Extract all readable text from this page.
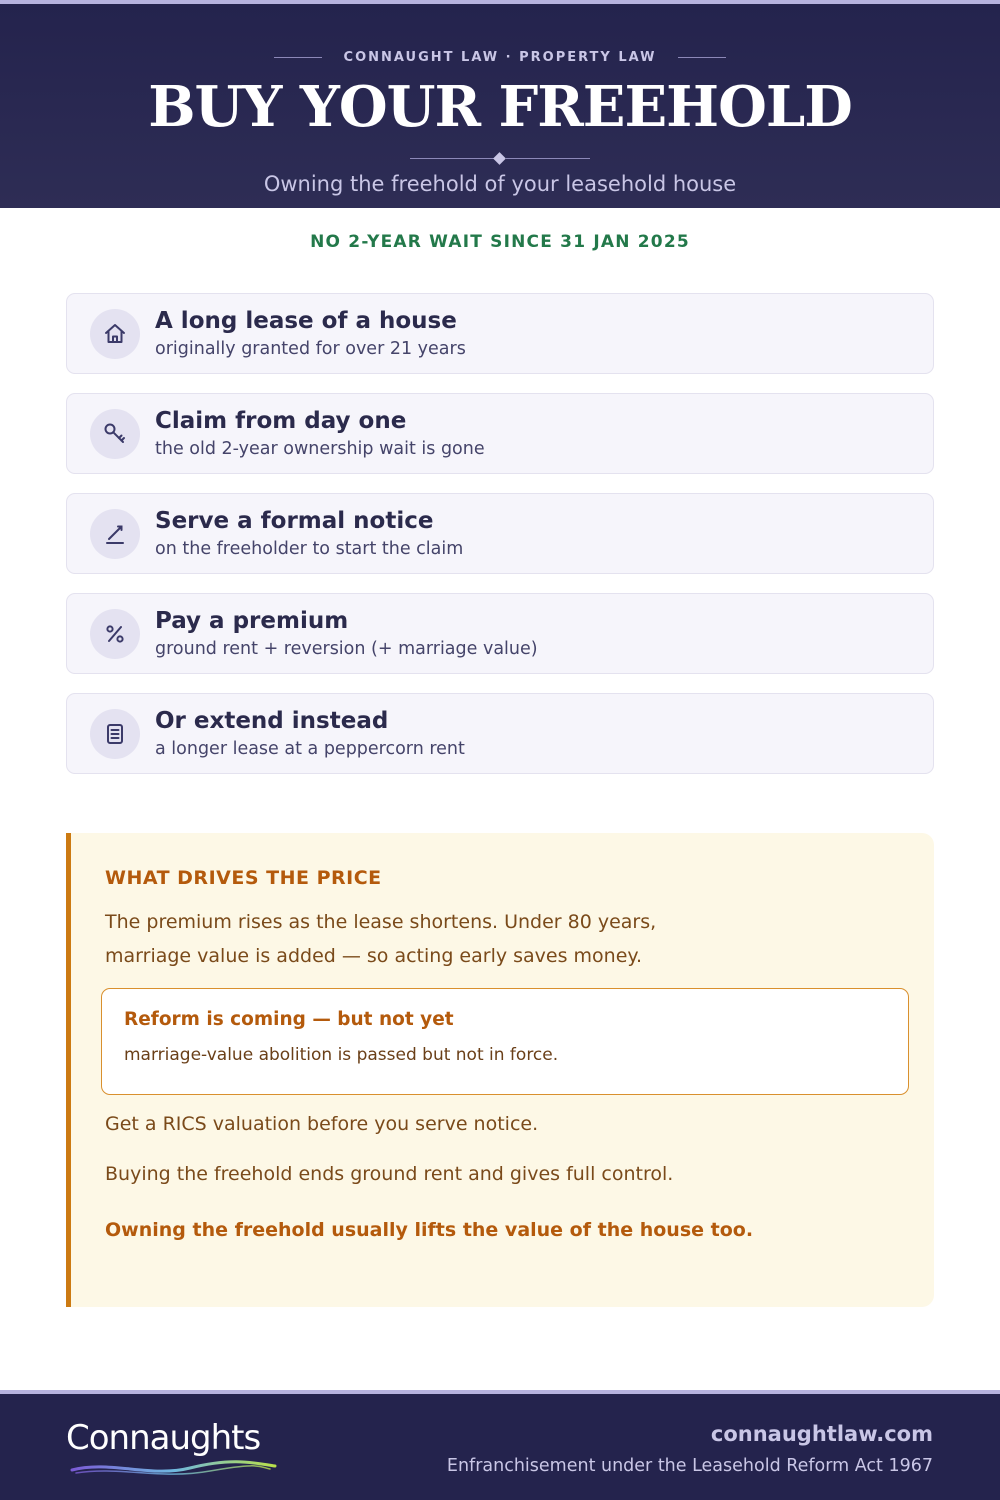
CONNAUGHT LAW · PROPERTY LAW
BUY YOUR FREEHOLD
Owning the freehold of your leasehold house
NO 2-YEAR WAIT SINCE 31 JAN 2025
A long lease of a house
originally granted for over 21 years
Claim from day one
the old 2-year ownership wait is gone
Serve a formal notice
on the freeholder to start the claim
Pay a premium
ground rent + reversion (+ marriage value)
Or extend instead
a longer lease at a peppercorn rent
WHAT DRIVES THE PRICE
The premium rises as the lease shortens. Under 80 years,
marriage value is added — so acting early saves money.
Reform is coming — but not yet
marriage-value abolition is passed but not in force.
Get a RICS valuation before you serve notice.
Buying the freehold ends ground rent and gives full control.
Owning the freehold usually lifts the value of the house too.
Connaughts	connaughtlaw.com
Enfranchisement under the Leasehold Reform Act 1967
